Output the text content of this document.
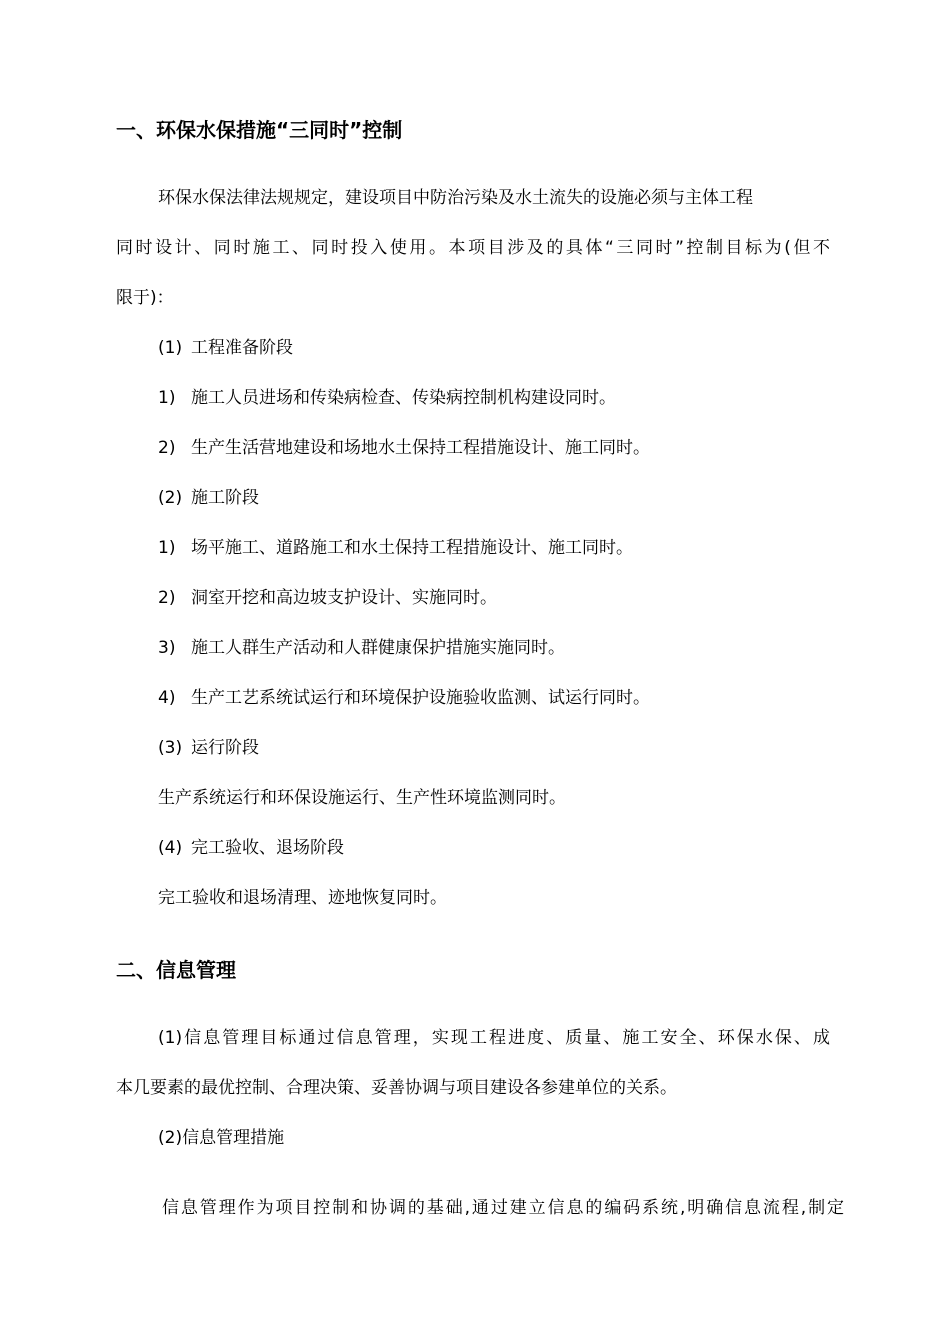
一、环保水保措施“三同时”控制
环保水保法律法规规定，建设项目中防治污染及水土流失的设施必须与主体工程
同时设计、同时施工、同时投入使用。本项目涉及的具体“三同时”控制目标为(但不
限于)：
(1) 工程准备阶段
1) 施工人员进场和传染病检查、传染病控制机构建设同时。
2) 生产生活营地建设和场地水土保持工程措施设计、施工同时。
(2) 施工阶段
1) 场平施工、道路施工和水土保持工程措施设计、施工同时。
2) 洞室开挖和高边坡支护设计、实施同时。
3) 施工人群生产活动和人群健康保护措施实施同时。
4) 生产工艺系统试运行和环境保护设施验收监测、试运行同时。
(3) 运行阶段
生产系统运行和环保设施运行、生产性环境监测同时。
(4) 完工验收、退场阶段
完工验收和退场清理、迹地恢复同时。
二、信息管理
(1)信息管理目标通过信息管理，实现工程进度、质量、施工安全、环保水保、成
本几要素的最优控制、合理决策、妥善协调与项目建设各参建单位的关系。
(2)信息管理措施
信息管理作为项目控制和协调的基础,通过建立信息的编码系统,明确信息流程,制定
